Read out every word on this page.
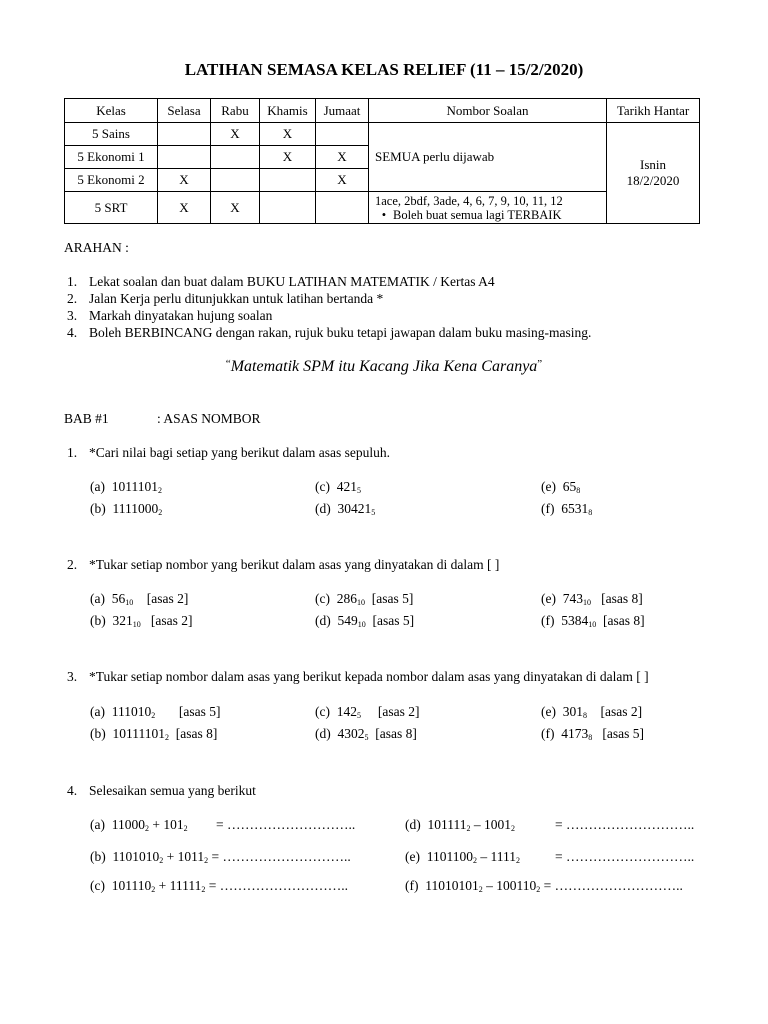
LATIHAN SEMASA KELAS RELIEF (11 – 15/2/2020)
Kelas	Selasa	Rabu	Khamis	Jumaat	Nombor Soalan	Tarikh Hantar
5 Sains		X	X		SEMUA perlu dijawab	Isnin
18/2/2020

5 Ekonomi 1			X	X		
5 Ekonomi 2	X			X		
5 SRT	X	X			1ace, 2bdf, 3ade, 4, 6, 7, 9, 10, 11, 12
• Boleh buat semua lagi TERBAIK	
ARAHAN :
1. Lekat soalan dan buat dalam BUKU LATIHAN MATEMATIK / Kertas A4
2. Jalan Kerja perlu ditunjukkan untuk latihan bertanda *
3. Markah dinyatakan hujung soalan
4. Boleh BERBINCANG dengan rakan, rujuk buku tetapi jawapan dalam buku masing-masing.
“Matematik SPM itu Kacang Jika Kena Caranya”
BAB #1	: ASAS NOMBOR
1. *Cari nilai bagi setiap yang berikut dalam asas sepuluh.
(a) $1011101_2$
(b) $1111000_2$
(c) $421_5$
(d) $30421_5$
(e) $65_8$
(f) $6531_8$
2. *Tukar setiap nombor yang berikut dalam asas yang dinyatakan di dalam [ ]
(a) $56_{10}$ [asas 2]
(b) $321_{10}$ [asas 2]
(c) $286_{10}$ [asas 5]
(d) $549_{10}$ [asas 5]
(e) $743_{10}$ [asas 8]
(f) $5384_{10}$ [asas 8]
3. *Tukar setiap nombor dalam asas yang berikut kepada nombor dalam asas yang dinyatakan di dalam [ ]
(a) $111010_2$ [asas 5]
(b) $10111101_2$ [asas 8]
(c) $142_5$ [asas 2]
(d) $4302_5$ [asas 8]
(e) $301_8$ [asas 2]
(f) $4173_8$ [asas 5]
4. Selesaikan semua yang berikut
(a) $11000_2 + 101_2$ = ………………………..
(b) $1101010_2 + 1011_2$ = ………………………..
(c) $101110_2 + 11111_2$ = ………………………..
(d) $101111_2 - 1001_2$	= ………………………..
(e) $1101100_2 - 1111_2$	= ………………………..
(f) $11010101_2 - 100110_2$ = ………………………..
